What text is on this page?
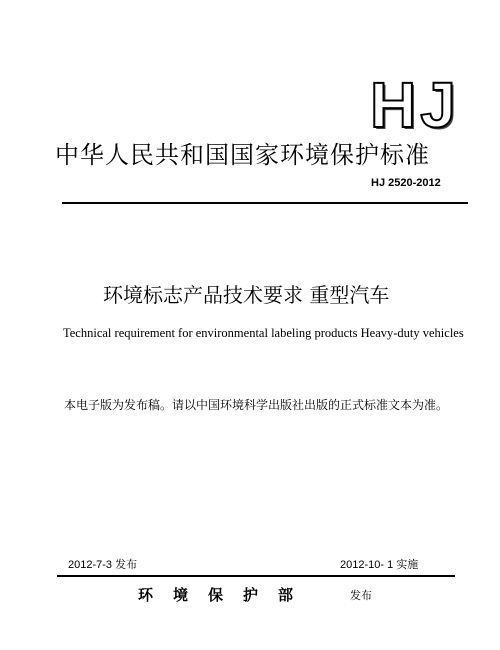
HJ
中华人民共和国国家环境保护标准
HJ 2520-2012
环境标志产品技术要求 重型汽车
Technical requirement for environmental labeling products Heavy-duty vehicles
本电子版为发布稿。请以中国环境科学出版社出版的正式标准文本为准。
2012-7-3 发布	2012-10- 1 实施
环境保护部	发布
